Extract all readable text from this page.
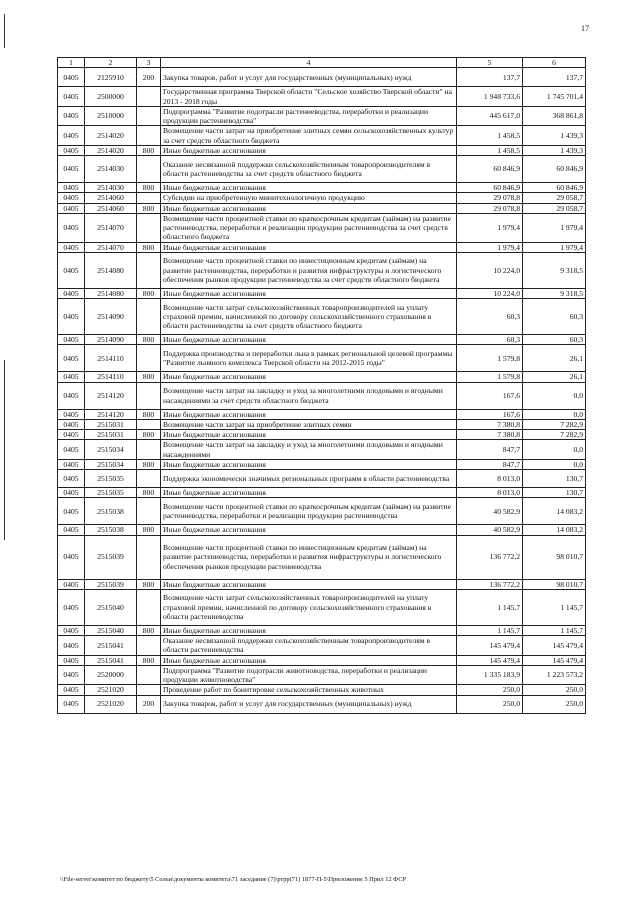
17
1	2	3	4	5	6
0405	2125910	200	Закупка товаров, работ и услуг для государственных (муниципальных) нужд	137,7	137,7
0405	2500000		Государственная программа Тверской области "Сельское хозяйство Тверской области" на 2013 - 2018 годы	1 948 733,6	1 745 701,4
0405	2510000		Подпрограмма "Развитие подотрасли растениеводства, переработки и реализации продукции растениеводства"	445 617,0	368 861,8
0405	2514020		Возмещение части затрат на приобретение элитных семян сельскохозяйственных культур за счет средств областного бюджета	1 458,5	1 439,3
0405	2514020	800	Иные бюджетные ассигнования	1 458,5	1 439,3
0405	2514030		Оказание несвязанной поддержки сельскохозяйственным товаропроизводителям в области растениеводства за счет средств областного бюджета	60 846,9	60 846,9
0405	2514030	800	Иные бюджетные ассигнования	60 846,9	60 846,9
0405	2514060		Субсидии на приобретенную минитехнологичную продукцию	29 078,8	29 058,7
0405	2514060	800	Иные бюджетные ассигнования	29 078,8	29 058,7
0405	2514070		Возмещение части процентной ставки по краткосрочным кредитам (займам) на развитие растениеводства, переработки и реализации продукции растениеводства за счет средств областного бюджета	1 979,4	1 979,4
0405	2514070	800	Иные бюджетные ассигнования	1 979,4	1 979,4
0405	2514080		Возмещение части процентной ставки по инвестиционным кредитам (займам) на развитие растениеводства, переработки и развития инфраструктуры и логистического обеспечения рынков продукции растениеводства за счет средств областного бюджета	10 224,0	9 318,5
0405	2514080	800	Иные бюджетные ассигнования	10 224,0	9 318,5
0405	2514090		Возмещение части затрат сельскохозяйственных товаропроизводителей на уплату страховой премии, начисленной по договору сельскохозяйственного страхования в области растениеводства за счет средств областного бюджета	60,3	60,3
0405	2514090	800	Иные бюджетные ассигнования	60,3	60,3
0405	2514110		Поддержка производства и переработки льна в рамках региональной целевой программы "Развитие льняного комплекса Тверской области на 2012-2015 годы"	1 579,8	26,1
0405	2514110	800	Иные бюджетные ассигнования	1 579,8	26,1
0405	2514120		Возмещение части затрат на закладку и уход за многолетними плодовыми и ягодными насаждениями за счет средств областного бюджета	167,6	0,0
0405	2514120	800	Иные бюджетные ассигнования	167,6	0,0
0405	2515031		Возмещение части затрат на приобретение элитных семян	7 380,8	7 282,9
0405	2515031	800	Иные бюджетные ассигнования	7 380,8	7 282,9
0405	2515034		Возмещение части затрат на закладку и уход за многолетними плодовыми и ягодными насаждениями	847,7	0,0
0405	2515034	800	Иные бюджетные ассигнования	847,7	0,0
0405	2515035		Поддержка экономически значимых региональных программ в области растениеводства	8 013,0	130,7
0405	2515035	800	Иные бюджетные ассигнования	8 013,0	130,7
0405	2515038		Возмещение части процентной ставки по краткосрочным кредитам (займам) на развитие растениеводства, переработки и реализации продукции растениеводства	40 582,9	14 083,2
0405	2515038	800	Иные бюджетные ассигнования	40 582,9	14 083,2
0405	2515039		Возмещение части процентной ставки по инвестиционным кредитам (займам) на развитие растениеводства, переработки и развития инфраструктуры и логистического обеспечения рынков продукции растениеводства	136 772,2	98 010,7
0405	2515039	800	Иные бюджетные ассигнования	136 772,2	98 010,7
0405	2515040		Возмещение части затрат сельскохозяйственных товаропроизводителей на уплату страховой премии, начисленной по договору сельскохозяйственного страхования в области растениеводства	1 145,7	1 145,7
0405	2515040	800	Иные бюджетные ассигнования	1 145,7	1 145,7
0405	2515041		Оказание несвязанной поддержки сельскохозяйственным товаропроизводителям в области растениеводства	145 479,4	145 479,4
0405	2515041	800	Иные бюджетные ассигнования	145 479,4	145 479,4
0405	2520000		Подпрограмма "Развитие подотрасли животноводства, переработки и реализации продукции животноводства"	1 335 183,9	1 223 573,2
0405	2521020		Проведение работ по бонитировке сельскохозяйственных животных	250,0	250,0
0405	2521020	200	Закупка товаров, работ и услуг для государственных (муниципальных) нужд	250,0	250,0
\\File-server\комитет по бюджету\5 Сольи\документы комитета\71 заседание (7)\ргрр(71) 1877-П-5\Приложение 5 Прил 12 ФСР
